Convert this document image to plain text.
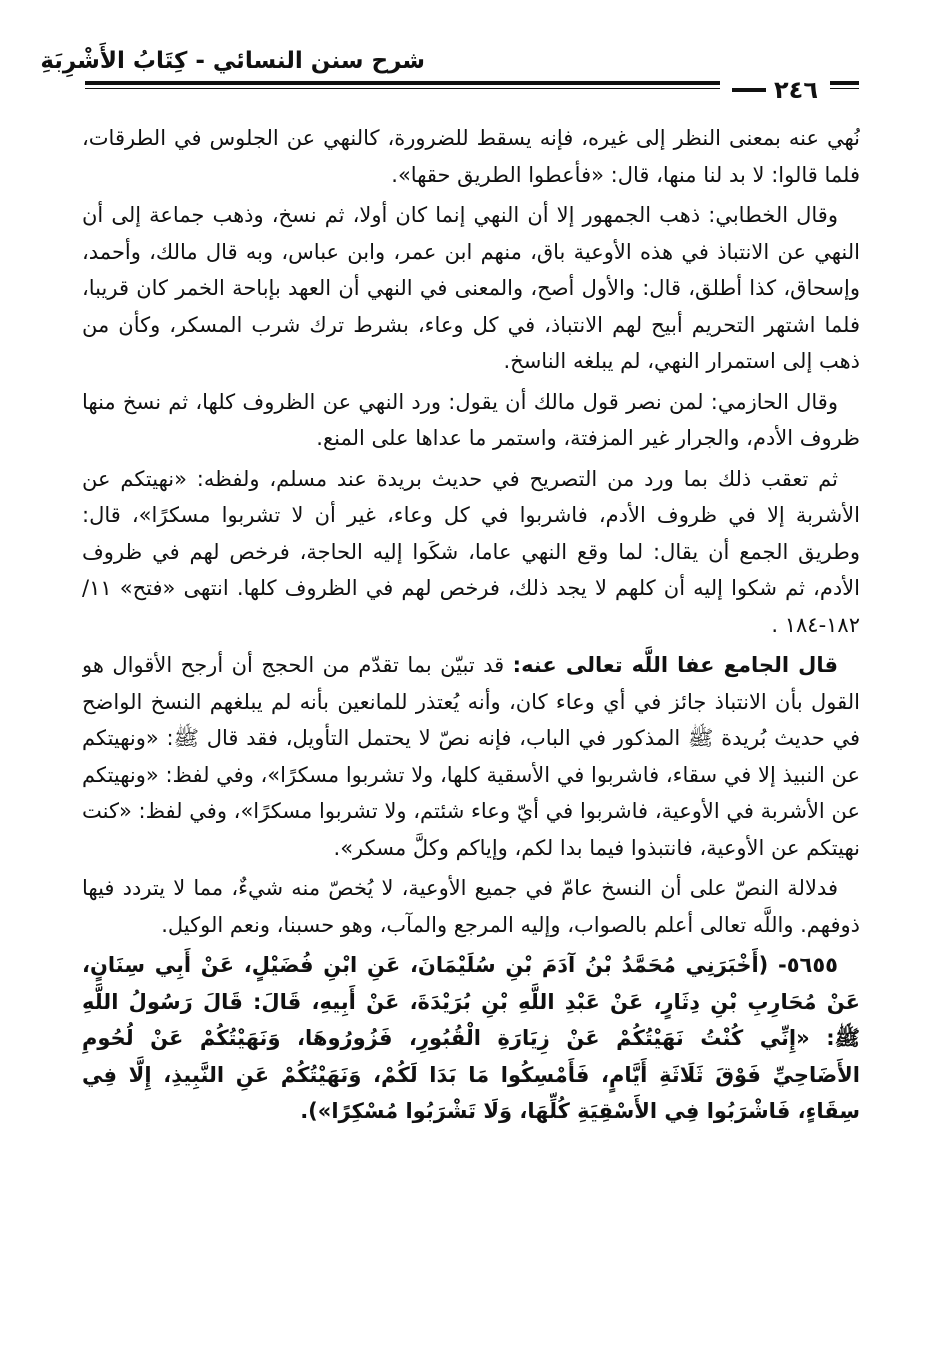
شرح سنن النسائي - كِتَابُ الأَشْرِبَةِ
٢٤٦

نُهي عنه بمعنى النظر إلى غيره، فإنه يسقط للضرورة، كالنهي عن الجلوس في الطرقات، فلما قالوا: لا بد لنا منها، قال: «فأعطوا الطريق حقها».

وقال الخطابي: ذهب الجمهور إلا أن النهي إنما كان أولا، ثم نسخ، وذهب جماعة إلى أن النهي عن الانتباذ في هذه الأوعية باق، منهم ابن عمر، وابن عباس، وبه قال مالك، وأحمد، وإسحاق، كذا أطلق، قال: والأول أصح، والمعنى في النهي أن العهد بإباحة الخمر كان قريبا، فلما اشتهر التحريم أبيح لهم الانتباذ، في كل وعاء، بشرط ترك شرب المسكر، وكأن من ذهب إلى استمرار النهي، لم يبلغه الناسخ.

وقال الحازمي: لمن نصر قول مالك أن يقول: ورد النهي عن الظروف كلها، ثم نسخ منها ظروف الأدم، والجرار غير المزفتة، واستمر ما عداها على المنع.

ثم تعقب ذلك بما ورد من التصريح في حديث بريدة عند مسلم، ولفظه: «نهيتكم عن الأشربة إلا في ظروف الأدم، فاشربوا في كل وعاء، غير أن لا تشربوا مسكرًا»، قال: وطريق الجمع أن يقال: لما وقع النهي عاما، شكَوا إليه الحاجة، فرخص لهم في ظروف الأدم، ثم شكوا إليه أن كلهم لا يجد ذلك، فرخص لهم في الظروف كلها. انتهى «فتح» ١١/ ١٨٢-١٨٤ .

قال الجامع عفا اللَّه تعالى عنه: قد تبيّن بما تقدّم من الحجج أن أرجح الأقوال هو القول بأن الانتباذ جائز في أي وعاء كان، وأنه يُعتذر للمانعين بأنه لم يبلغهم النسخ الواضح في حديث بُريدة ﷺ المذكور في الباب، فإنه نصّ لا يحتمل التأويل، فقد قال ﷺ: «ونهيتكم عن النبيذ إلا في سقاء، فاشربوا في الأسقية كلها، ولا تشربوا مسكرًا»، وفي لفظ: «ونهيتكم عن الأشربة في الأوعية، فاشربوا في أيّ وعاء شئتم، ولا تشربوا مسكرًا»، وفي لفظ: «كنت نهيتكم عن الأوعية، فانتبذوا فيما بدا لكم، وإياكم وكلَّ مسكر».

فدلالة النصّ على أن النسخ عامّ في جميع الأوعية، لا يُخصّ منه شيءٌ، مما لا يتردد فيها ذوفهم. واللَّه تعالى أعلم بالصواب، وإليه المرجع والمآب، وهو حسبنا، ونعم الوكيل.

٥٦٥٥- (أَخْبَرَنِي مُحَمَّدُ بْنُ آدَمَ بْنِ سُلَيْمَانَ، عَنِ ابْنِ فُضَيْلٍ، عَنْ أَبِي سِنَانٍ، عَنْ مُحَارِبِ بْنِ دِثَارٍ، عَنْ عَبْدِ اللَّهِ بْنِ بُرَيْدَةَ، عَنْ أَبِيهِ، قَالَ: قَالَ رَسُولُ اللَّهِ ﷺ: «إِنِّي كُنْتُ نَهَيْتُكُمْ عَنْ زِيَارَةِ الْقُبُورِ، فَزُورُوهَا، وَنَهَيْتُكُمْ عَنْ لُحُومِ الأَضَاحِيِّ فَوْقَ ثَلَاثَةِ أَيَّامٍ، فَأَمْسِكُوا مَا بَدَا لَكُمْ، وَنَهَيْتُكُمْ عَنِ النَّبِيذِ، إِلَّا فِي سِقَاءٍ، فَاشْرَبُوا فِي الأَسْقِيَةِ كُلِّهَا، وَلَا تَشْرَبُوا مُسْكِرًا»).
